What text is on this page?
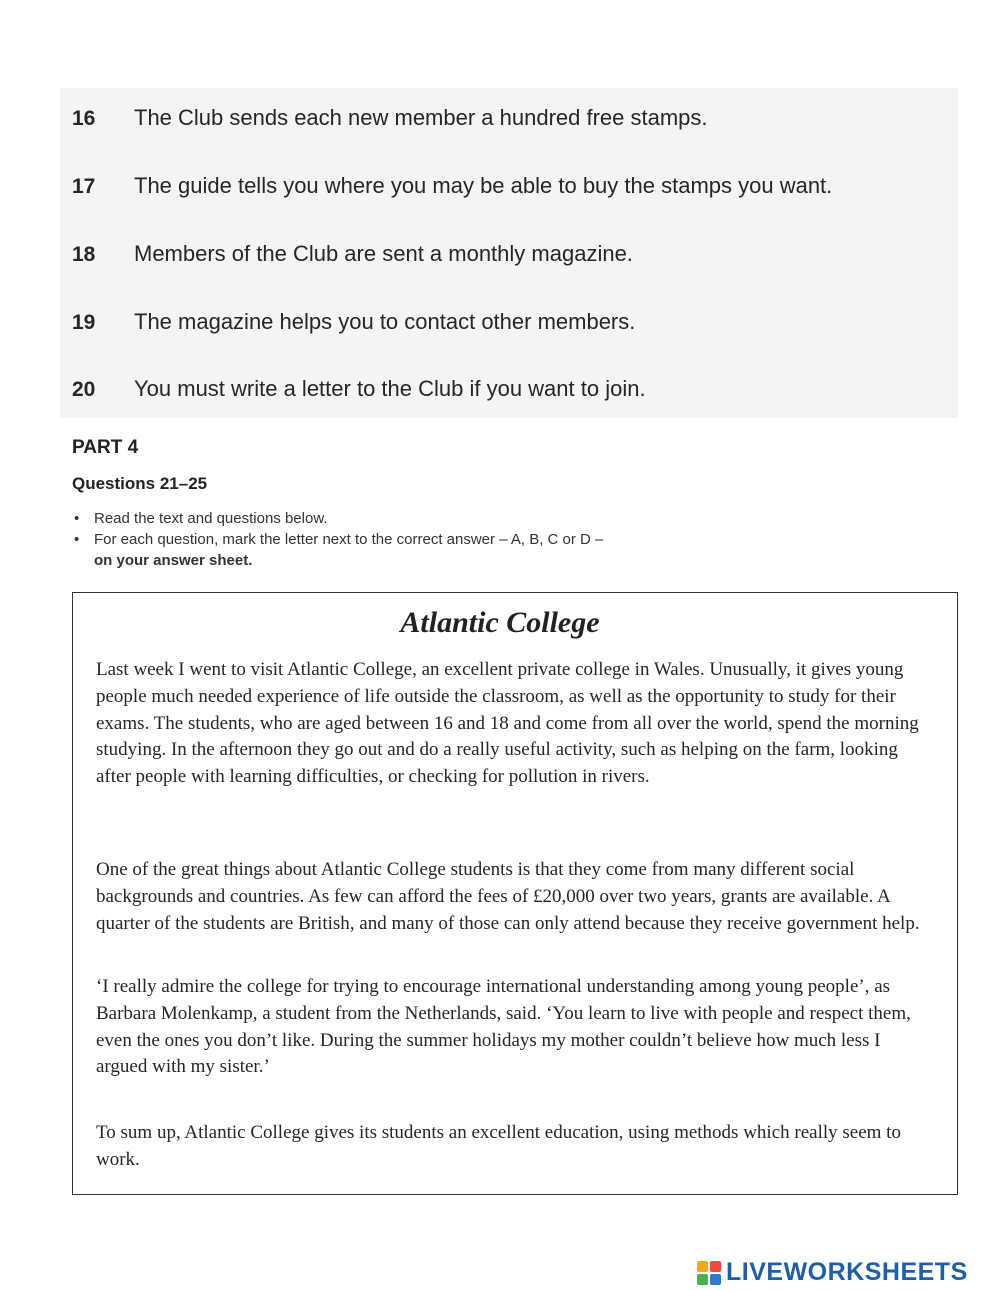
16	The Club sends each new member a hundred free stamps.
17	The guide tells you where you may be able to buy the stamps you want.
18	Members of the Club are sent a monthly magazine.
19	The magazine helps you to contact other members.
20	You must write a letter to the Club if you want to join.
PART 4
Questions 21–25
• Read the text and questions below.
• For each question, mark the letter next to the correct answer – A, B, C or D –
on your answer sheet.
Atlantic College

Last week I went to visit Atlantic College, an excellent private college in Wales. Unusually, it gives young people much needed experience of life outside the classroom, as well as the opportunity to study for their exams. The students, who are aged between 16 and 18 and come from all over the world, spend the morning studying. In the afternoon they go out and do a really useful activity, such as helping on the farm, looking after people with learning difficulties, or checking for pollution in rivers.

One of the great things about Atlantic College students is that they come from many different social backgrounds and countries. As few can afford the fees of £20,000 over two years, grants are available. A quarter of the students are British, and many of those can only attend because they receive government help.

‘I really admire the college for trying to encourage international understanding among young people’, as Barbara Molenkamp, a student from the Netherlands, said. ‘You learn to live with people and respect them, even the ones you don’t like. During the summer holidays my mother couldn’t believe how much less I argued with my sister.’

To sum up, Atlantic College gives its students an excellent education, using methods which really seem to work.

LIVEWORKSHEETS
